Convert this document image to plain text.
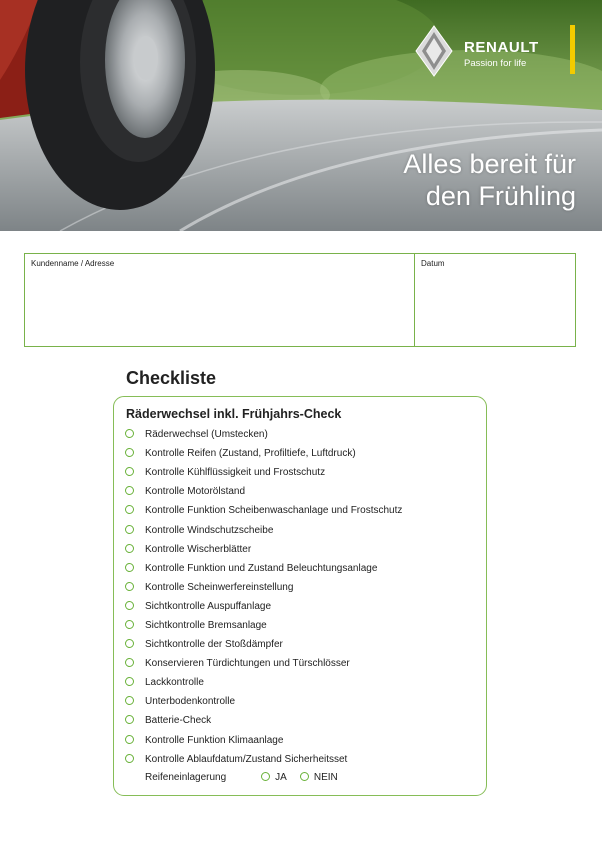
RENAULT
Passion for life
Alles bereit für
den Frühling
Kundenname / Adresse	Datum
Checkliste
Räderwechsel inkl. Frühjahrs-Check
Räderwechsel (Umstecken)
Kontrolle Reifen (Zustand, Profiltiefe, Luftdruck)
Kontrolle Kühlflüssigkeit und Frostschutz
Kontrolle Motorölstand
Kontrolle Funktion Scheibenwaschanlage und Frostschutz
Kontrolle Windschutzscheibe
Kontrolle Wischerblätter
Kontrolle Funktion und Zustand Beleuchtungsanlage
Kontrolle Scheinwerfereinstellung
Sichtkontrolle Auspuffanlage
Sichtkontrolle Bremsanlage
Sichtkontrolle der Stoßdämpfer
Konservieren Türdichtungen und Türschlösser
Lackkontrolle
Unterbodenkontrolle
Batterie-Check
Kontrolle Funktion Klimaanlage
Kontrolle Ablaufdatum/Zustand Sicherheitsset
Reifeneinlagerung	JA	NEIN
